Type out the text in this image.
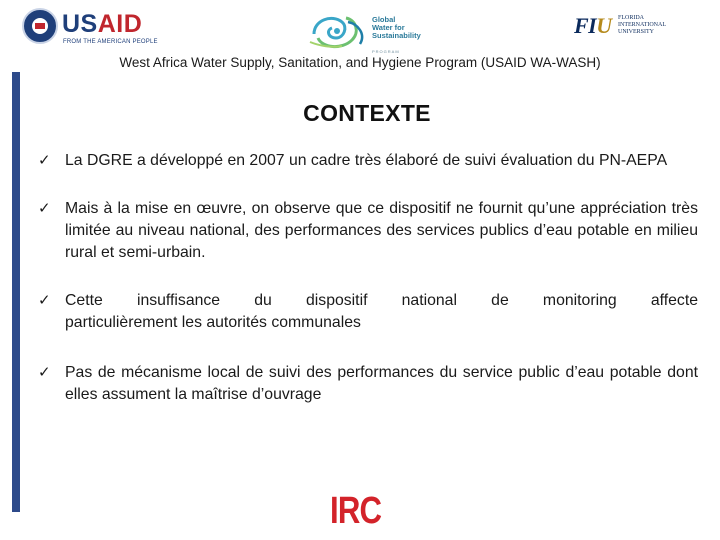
USAID
FROM THE AMERICAN PEOPLE
Global
Water for
Sustainability
PROGRAM
FIU FLORIDA
INTERNATIONAL
UNIVERSITY
West Africa Water Supply, Sanitation, and Hygiene Program (USAID WA-WASH)
CONTEXTE
✓ La DGRE a développé en 2007 un cadre très élaboré de suivi évaluation du PN-AEPA
✓ Mais à la mise en œuvre, on observe que ce dispositif ne fournit qu’une appréciation très limitée au niveau national, des performances des services publics d’eau potable en milieu rural et semi-urbain.
✓ Cette insuffisance du dispositif national de monitoring affecte
particulièrement les autorités communales
✓ Pas de mécanisme local de suivi des performances du service public d’eau potable dont elles assument la maîtrise d’ouvrage
IRC
